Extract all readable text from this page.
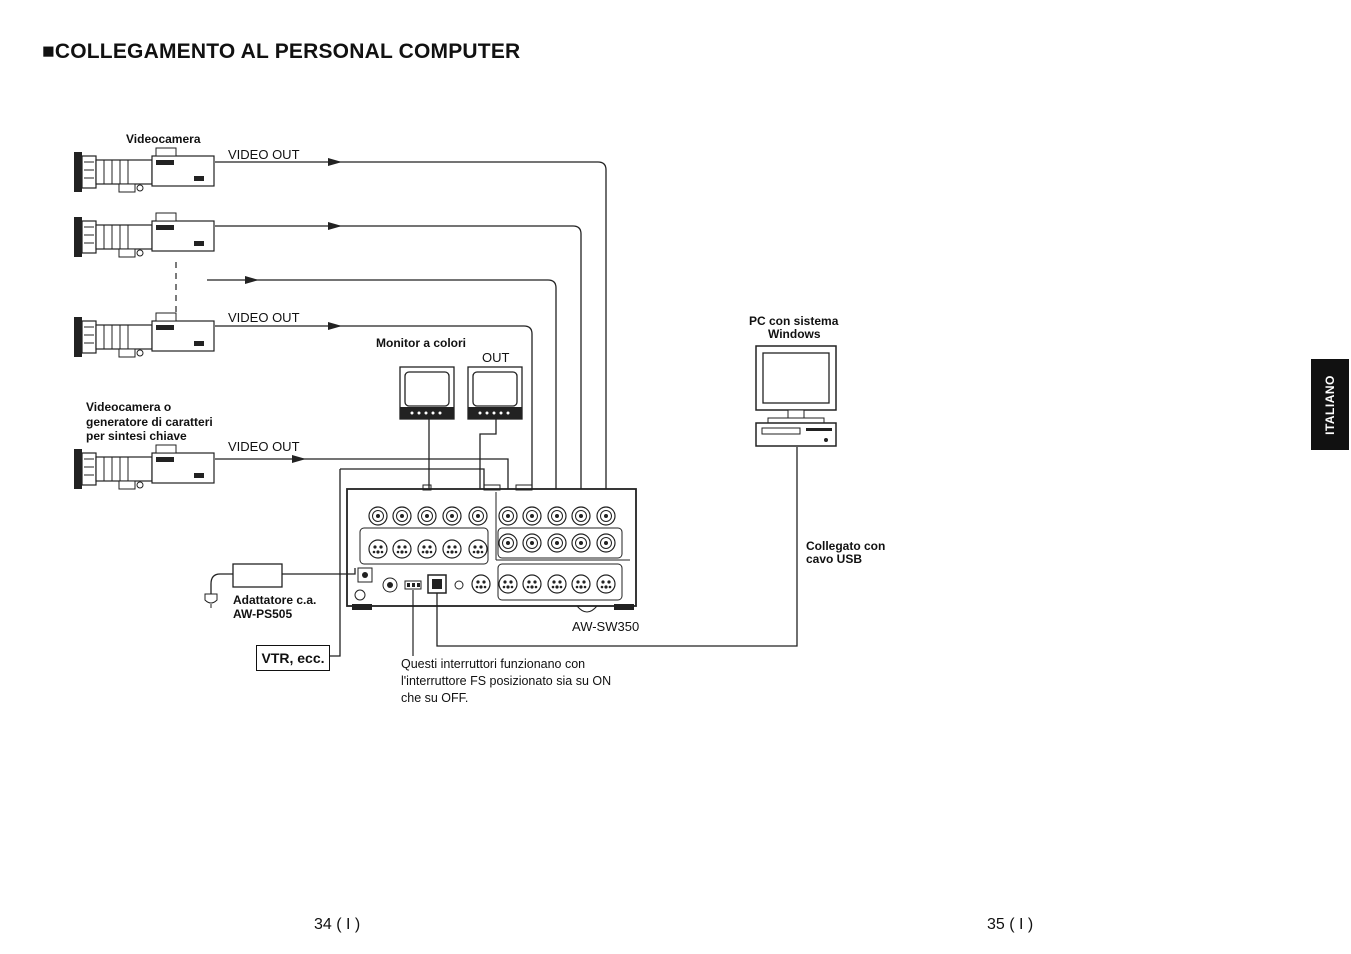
■COLLEGAMENTO AL PERSONAL COMPUTER
Videocamera
VIDEO OUT
VIDEO OUT
VIDEO OUT
Monitor a colori
OUT
Videocamera o
generatore di caratteri
per sintesi chiave
Adattatore c.a.
AW-PS505
VTR, ecc.
AW-SW350
PC con sistema
Windows
Collegato con
cavo USB
Questi interruttori funzionano con
l'interruttore FS posizionato sia su ON
che su OFF.
ITALIANO
34 ( I )	35 ( I )
